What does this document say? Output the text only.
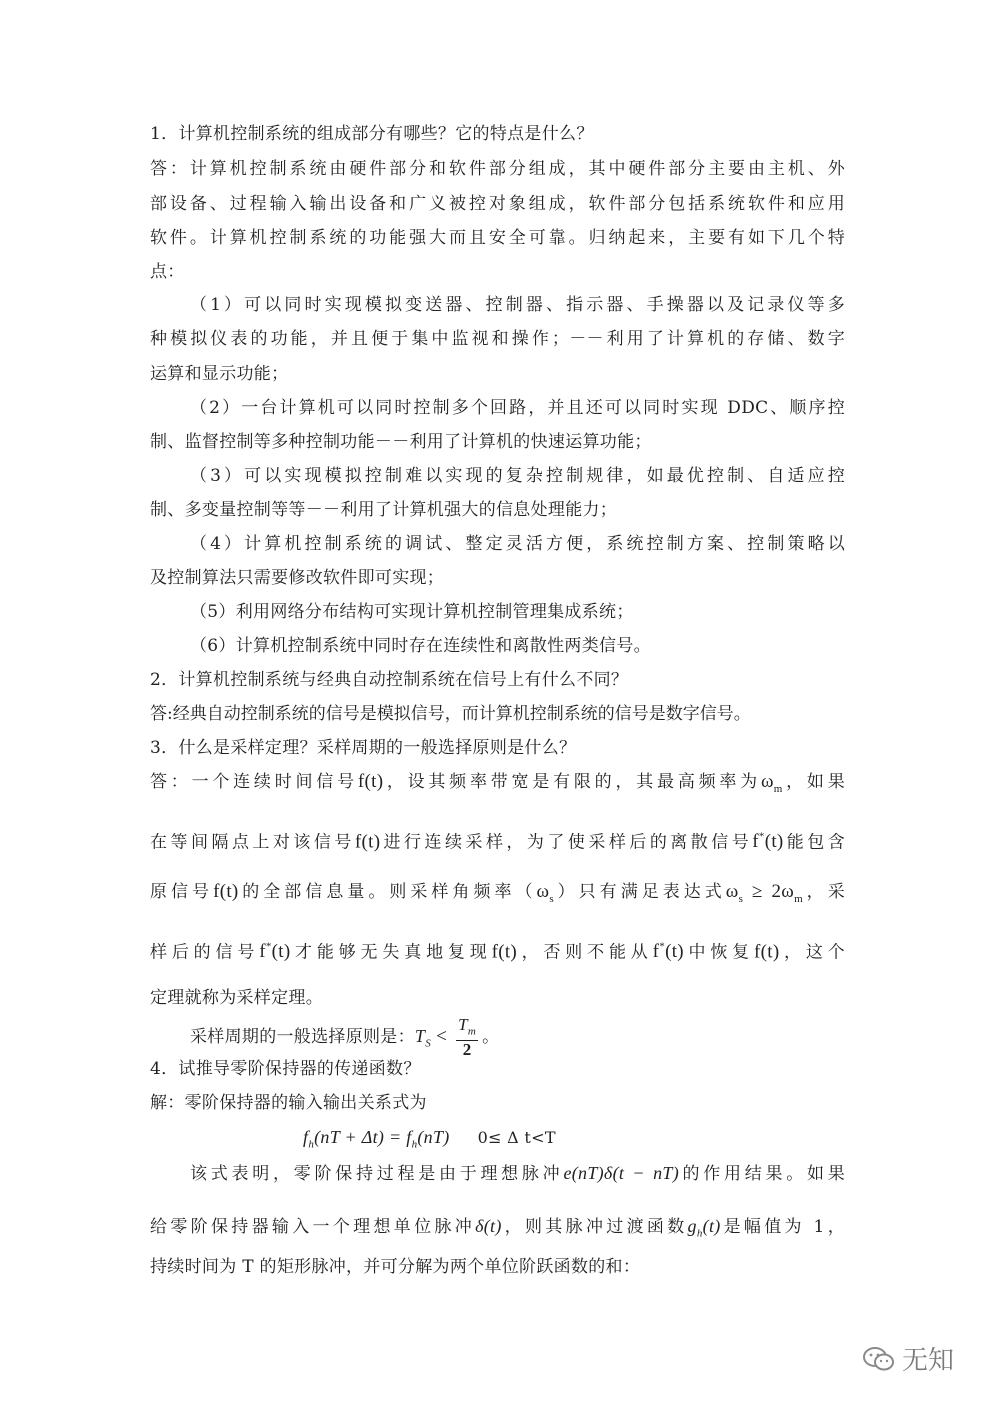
1．计算机控制系统的组成部分有哪些？它的特点是什么？
答：计算机控制系统由硬件部分和软件部分组成，其中硬件部分主要由主机、外
部设备、过程输入输出设备和广义被控对象组成，软件部分包括系统软件和应用
软件。计算机控制系统的功能强大而且安全可靠。归纳起来，主要有如下几个特
点：
（1）可以同时实现模拟变送器、控制器、指示器、手操器以及记录仪等多
种模拟仪表的功能，并且便于集中监视和操作；－－利用了计算机的存储、数字
运算和显示功能；
（2）一台计算机可以同时控制多个回路，并且还可以同时实现 DDC、顺序控
制、监督控制等多种控制功能－－利用了计算机的快速运算功能；
（3）可以实现模拟控制难以实现的复杂控制规律，如最优控制、自适应控
制、多变量控制等等－－利用了计算机强大的信息处理能力；
（4）计算机控制系统的调试、整定灵活方便，系统控制方案、控制策略以
及控制算法只需要修改软件即可实现；
（5）利用网络分布结构可实现计算机控制管理集成系统；
（6）计算机控制系统中同时存在连续性和离散性两类信号。
2．计算机控制系统与经典自动控制系统在信号上有什么不同？
答:经典自动控制系统的信号是模拟信号，而计算机控制系统的信号是数字信号。
3．什么是采样定理？采样周期的一般选择原则是什么？
答：一个连续时间信号f(t)，设其频率带宽是有限的，其最高频率为$\omega_m$，如果
在等间隔点上对该信号f(t)进行连续采样，为了使采样后的离散信号f*(t)能包含
原信号f(t)的全部信息量。则采样角频率$(\omega_s)$只有满足表达式$\omega_s \ge 2\omega_m$，采
样后的信号f*(t)才能够无失真地复现f(t)，否则不能从f*(t)中恢复f(t)，这个
定理就称为采样定理。
采样周期的一般选择原则是：$T_S < \frac{T_m}{2}$ 。
4．试推导零阶保持器的传递函数？
解：零阶保持器的输入输出关系式为
$f_h(nT + \Delta t) = f_h(nT)$ 0≤ Δ t<T
该式表明，零阶保持过程是由于理想脉冲e(nT)δ(t − nT)的作用结果。如果
给零阶保持器输入一个理想单位脉冲δ(t)，则其脉冲过渡函数$g_h(t)$是幅值为 1，
持续时间为 T 的矩形脉冲，并可分解为两个单位阶跃函数的和：
无知
